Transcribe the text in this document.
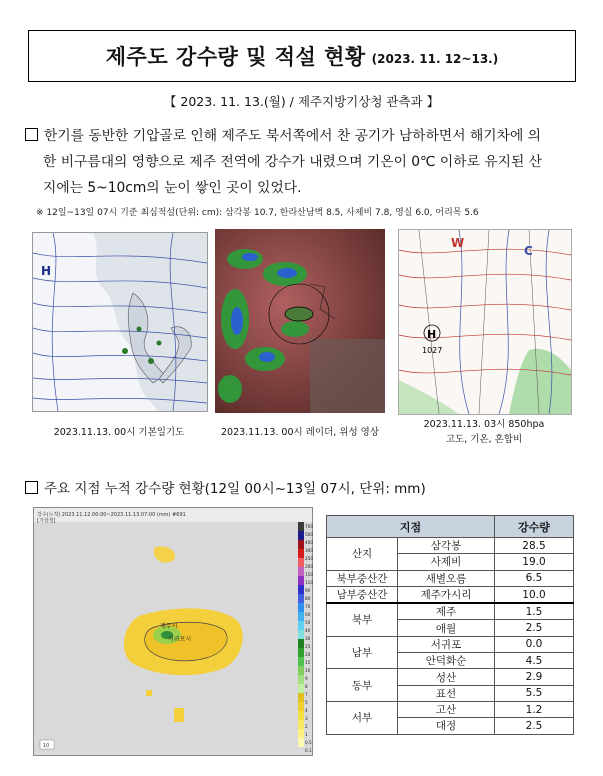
제주도 강수량 및 적설 현황 (2023. 11. 12~13.)
【 2023. 11. 13.(월) / 제주지방기상청 관측과 】
한기를 동반한 기압골로 인해 제주도 북서쪽에서 찬 공기가 남하하면서 해기차에 의
한 비구름대의 영향으로 제주 전역에 강수가 내렸으며 기온이 0℃ 이하로 유지된 산
지에는 5~10cm의 눈이 쌓인 곳이 있었다.
※ 12일~13일 07시 기준 최심적설(단위: cm): 삼각봉 10.7, 한라산남벽 8.5, 사제비 7.8, 영실 6.0, 어리목 5.6
H
2023.11.13. 00시 기본일기도	2023.11.13. 00시 레이더, 위성 영상
W
C
H
1027
2023.11.13. 03시 850hpa
고도, 기온, 혼합비
주요 지점 누적 강수량 현황(12일 00시~13일 07시, 단위: mm)
강수(누적) 2023.11.12.00:00~2023.11.13.07:00 (mm) #691
[기상청]
제주시
서귀포시
700
500
400
300
250
200
150
110
90
80
70
60
50
40
30
25
20
15
10
9
8
7
5
4
3
2
1
0.5
0.1
10
지점		강수량
산지	삼각봉	28.5
	사제비	19.0
북부중산간	새별오름	6.5
남부중산간	제주가시리	10.0
북부	제주	1.5
	애월	2.5
남부	서귀포	0.0
	안덕화순	4.5
동부	성산	2.9
	표선	5.5
서부	고산	1.2
	대정	2.5
